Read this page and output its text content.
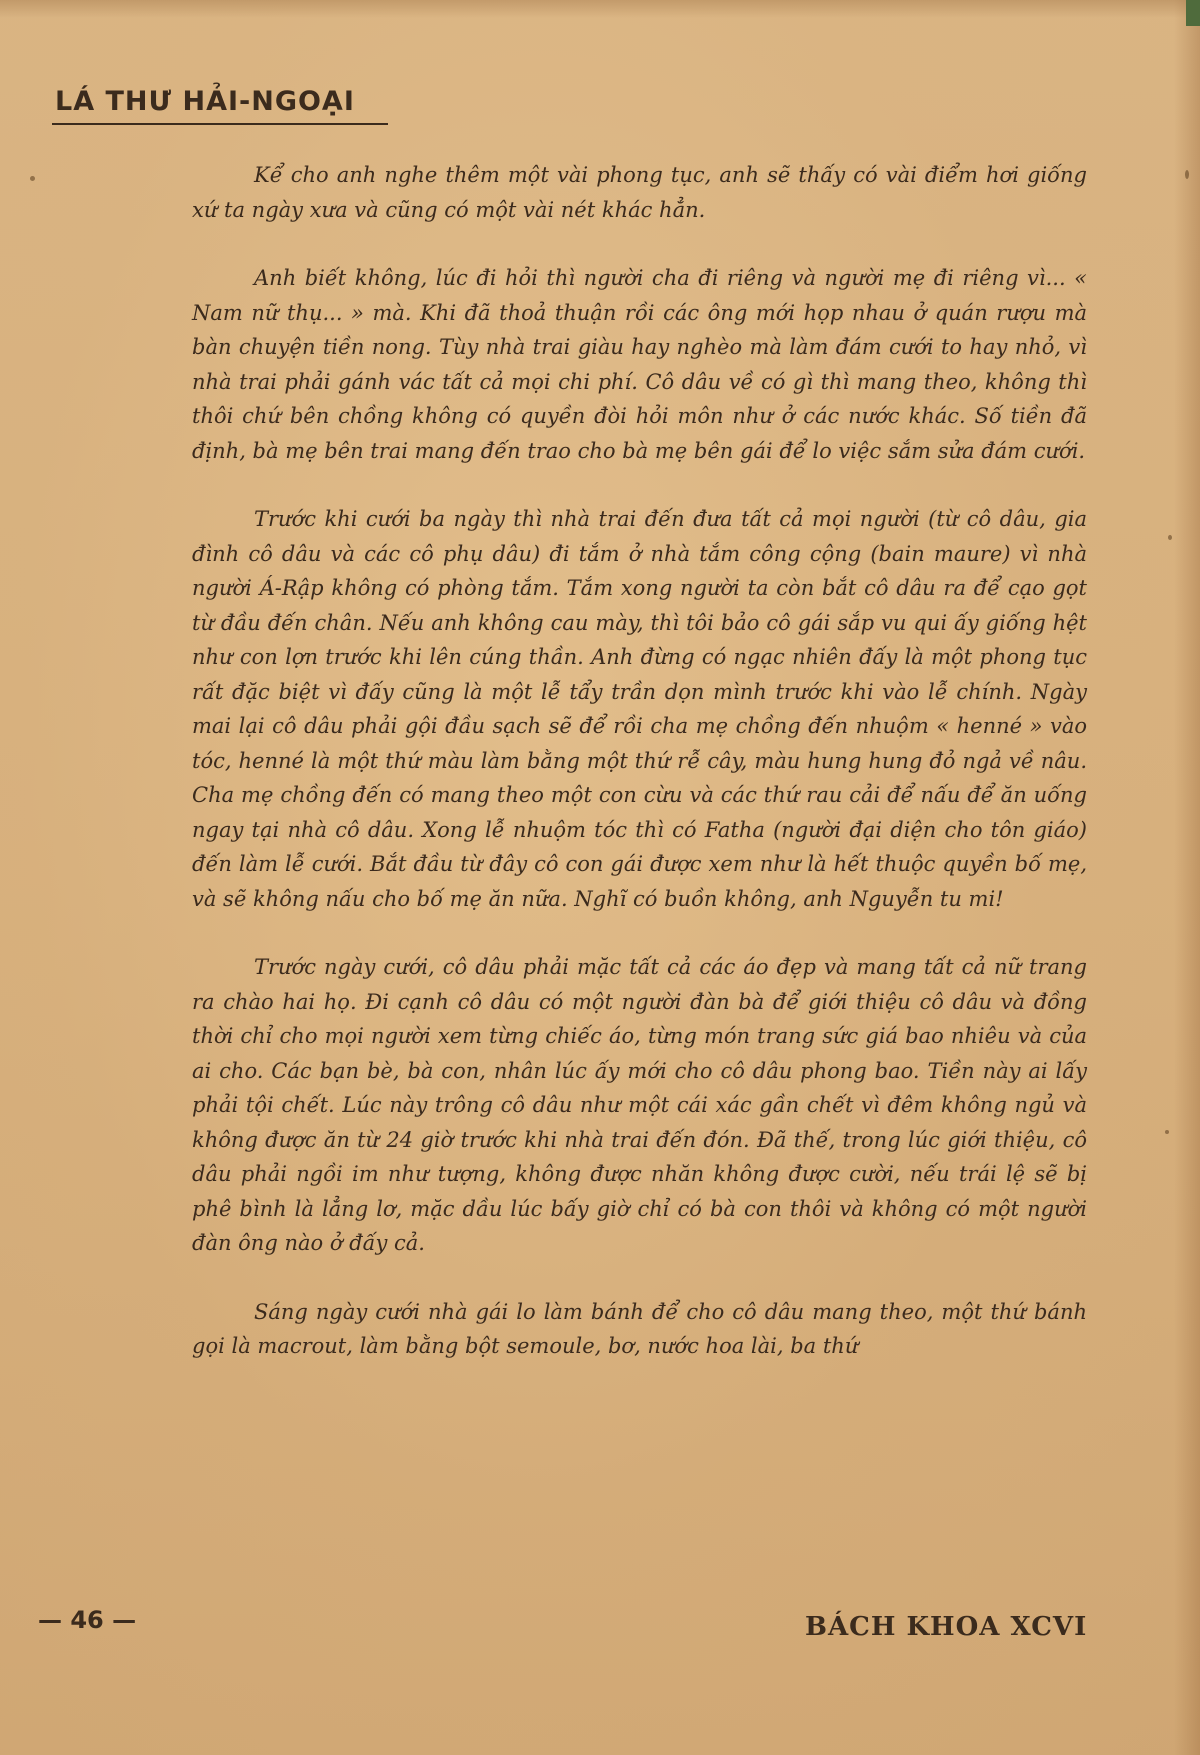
LÁ THƯ HẢI-NGOẠI

Kể cho anh nghe thêm một vài phong tục, anh sẽ thấy có vài điểm hơi giống xứ ta ngày xưa và cũng có một vài nét khác hẳn.

Anh biết không, lúc đi hỏi thì người cha đi riêng và người mẹ đi riêng vì... « Nam nữ thụ... » mà. Khi đã thoả thuận rồi các ông mới họp nhau ở quán rượu mà bàn chuyện tiền nong. Tùy nhà trai giàu hay nghèo mà làm đám cưới to hay nhỏ, vì nhà trai phải gánh vác tất cả mọi chi phí. Cô dâu về có gì thì mang theo, không thì thôi chứ bên chồng không có quyền đòi hỏi môn như ở các nước khác. Số tiền đã định, bà mẹ bên trai mang đến trao cho bà mẹ bên gái để lo việc sắm sửa đám cưới.

Trước khi cưới ba ngày thì nhà trai đến đưa tất cả mọi người (từ cô dâu, gia đình cô dâu và các cô phụ dâu) đi tắm ở nhà tắm công cộng (bain maure) vì nhà người Á-Rập không có phòng tắm. Tắm xong người ta còn bắt cô dâu ra để cạo gọt từ đầu đến chân. Nếu anh không cau mày, thì tôi bảo cô gái sắp vu qui ấy giống hệt như con lợn trước khi lên cúng thần. Anh đừng có ngạc nhiên đấy là một phong tục rất đặc biệt vì đấy cũng là một lễ tẩy trần dọn mình trước khi vào lễ chính. Ngày mai lại cô dâu phải gội đầu sạch sẽ để rồi cha mẹ chồng đến nhuộm « henné » vào tóc, henné là một thứ màu làm bằng một thứ rễ cây, màu hung hung đỏ ngả về nâu. Cha mẹ chồng đến có mang theo một con cừu và các thứ rau cải để nấu để ăn uống ngay tại nhà cô dâu. Xong lễ nhuộm tóc thì có Fatha (người đại diện cho tôn giáo) đến làm lễ cưới. Bắt đầu từ đây cô con gái được xem như là hết thuộc quyền bố mẹ, và sẽ không nấu cho bố mẹ ăn nữa. Nghĩ có buồn không, anh Nguyễn tu mi!

Trước ngày cưới, cô dâu phải mặc tất cả các áo đẹp và mang tất cả nữ trang ra chào hai họ. Đi cạnh cô dâu có một người đàn bà để giới thiệu cô dâu và đồng thời chỉ cho mọi người xem từng chiếc áo, từng món trang sức giá bao nhiêu và của ai cho. Các bạn bè, bà con, nhân lúc ấy mới cho cô dâu phong bao. Tiền này ai lấy phải tội chết. Lúc này trông cô dâu như một cái xác gần chết vì đêm không ngủ và không được ăn từ 24 giờ trước khi nhà trai đến đón. Đã thế, trong lúc giới thiệu, cô dâu phải ngồi im như tượng, không được nhăn không được cười, nếu trái lệ sẽ bị phê bình là lẳng lơ, mặc dầu lúc bấy giờ chỉ có bà con thôi và không có một người đàn ông nào ở đấy cả.

Sáng ngày cưới nhà gái lo làm bánh để cho cô dâu mang theo, một thứ bánh gọi là macrout, làm bằng bột semoule, bơ, nước hoa lài, ba thứ

— 46 —	BÁCH KHOA XCVI
